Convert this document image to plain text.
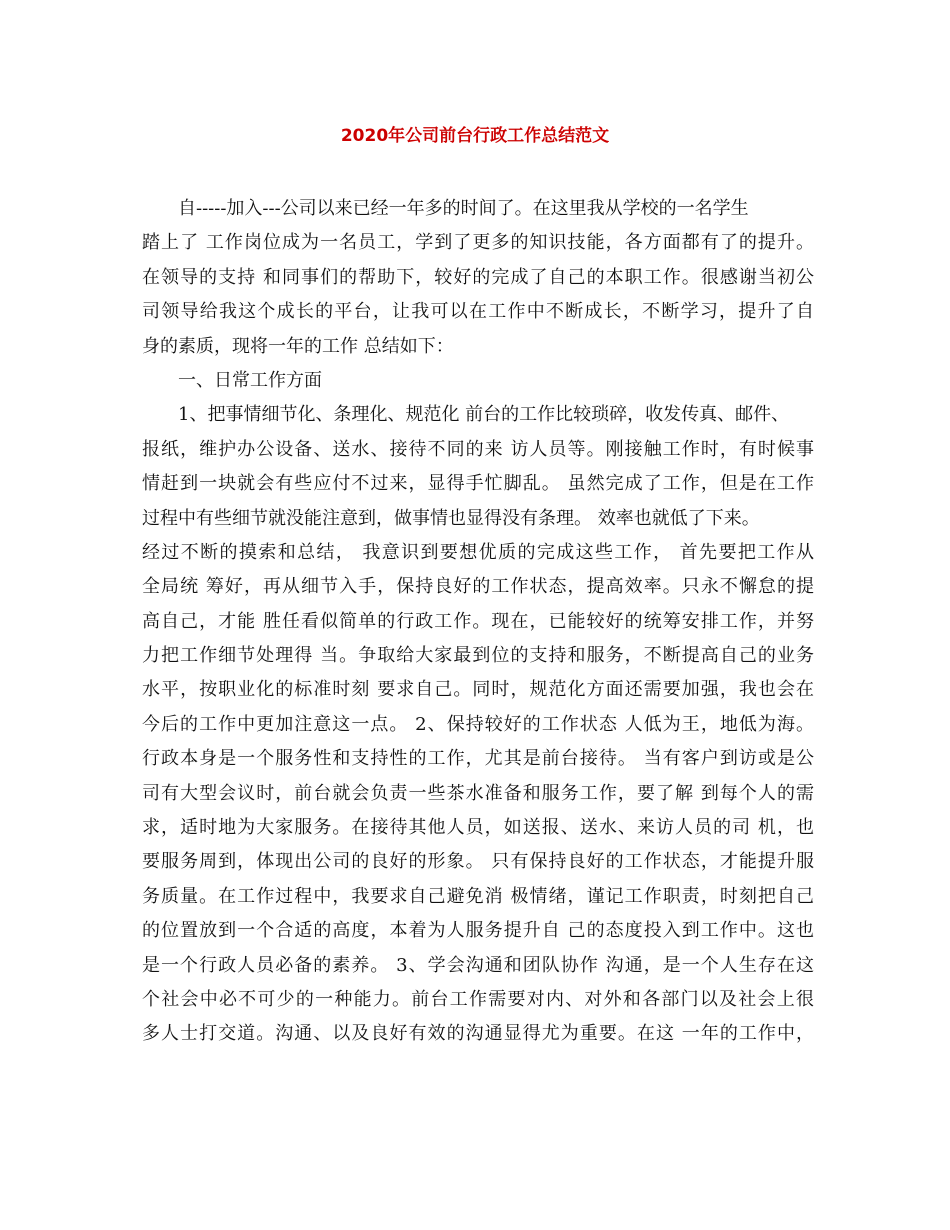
2020年公司前台行政工作总结范文
自-----加入---公司以来已经一年多的时间了。在这里我从学校的一名学生
踏上了 工作岗位成为一名员工，学到了更多的知识技能，各方面都有了的提升。
在领导的支持 和同事们的帮助下，较好的完成了自己的本职工作。很感谢当初公
司领导给我这个成长的平台，让我可以在工作中不断成长，不断学习，提升了自
身的素质，现将一年的工作 总结如下：
一、日常工作方面
1、把事情细节化、条理化、规范化 前台的工作比较琐碎，收发传真、邮件、
报纸，维护办公设备、送水、接待不同的来 访人员等。刚接触工作时，有时候事
情赶到一块就会有些应付不过来，显得手忙脚乱。 虽然完成了工作，但是在工作
过程中有些细节就没能注意到，做事情也显得没有条理。 效率也就低了下来。
经过不断的摸索和总结， 我意识到要想优质的完成这些工作， 首先要把工作从
全局统 筹好，再从细节入手，保持良好的工作状态，提高效率。只永不懈怠的提
高自己，才能 胜任看似简单的行政工作。现在，已能较好的统筹安排工作，并努
力把工作细节处理得 当。争取给大家最到位的支持和服务，不断提高自己的业务
水平，按职业化的标准时刻 要求自己。同时，规范化方面还需要加强，我也会在
今后的工作中更加注意这一点。 2、保持较好的工作状态 人低为王，地低为海。
行政本身是一个服务性和支持性的工作，尤其是前台接待。 当有客户到访或是公
司有大型会议时，前台就会负责一些茶水准备和服务工作，要了解 到每个人的需
求，适时地为大家服务。在接待其他人员，如送报、送水、来访人员的司 机，也
要服务周到，体现出公司的良好的形象。 只有保持良好的工作状态，才能提升服
务质量。在工作过程中，我要求自己避免消 极情绪，谨记工作职责，时刻把自己
的位置放到一个合适的高度，本着为人服务提升自 己的态度投入到工作中。这也
是一个行政人员必备的素养。 3、学会沟通和团队协作 沟通，是一个人生存在这
个社会中必不可少的一种能力。前台工作需要对内、对外和各部门以及社会上很
多人士打交道。沟通、以及良好有效的沟通显得尤为重要。在这 一年的工作中，
